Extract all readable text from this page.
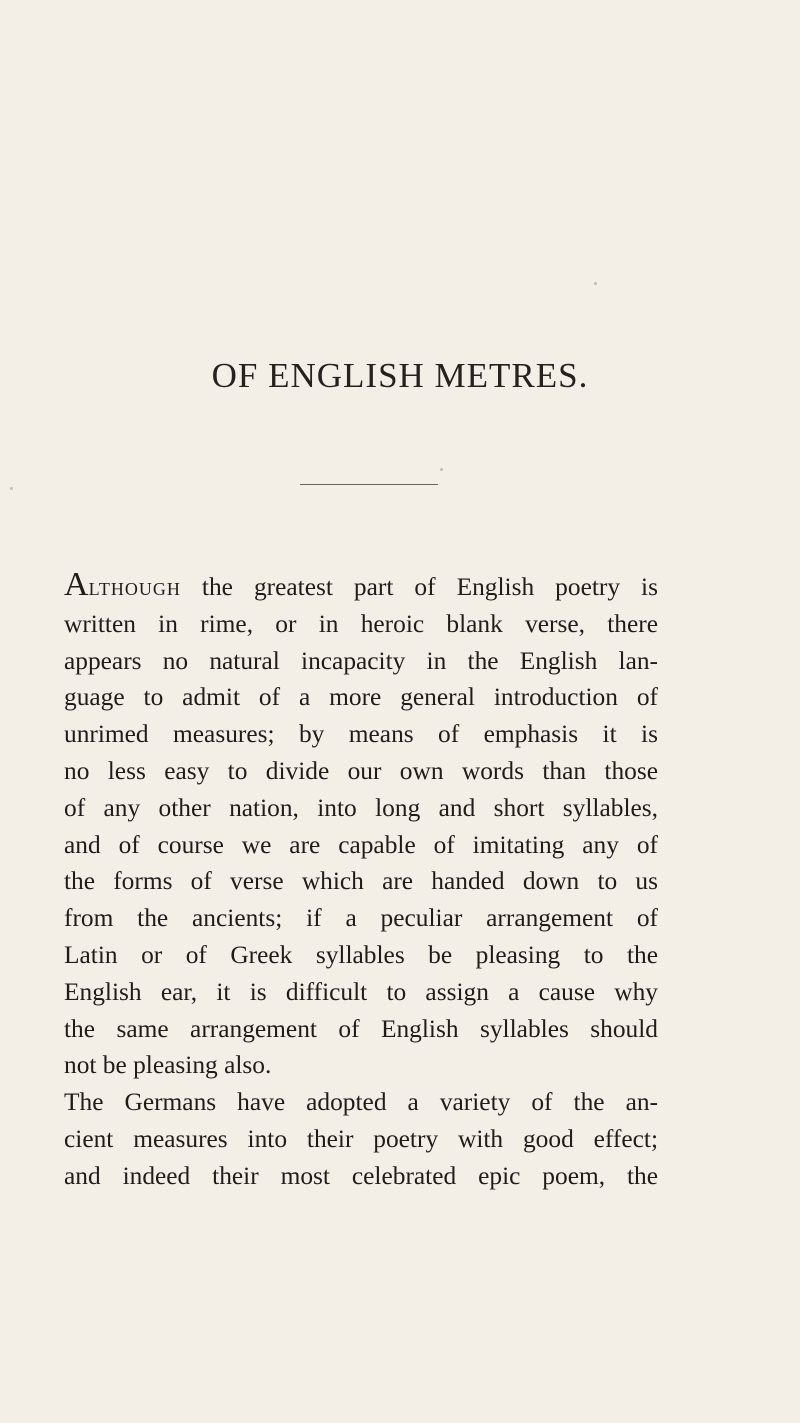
OF ENGLISH METRES.
Although the greatest part of English poetry is
written in rime, or in heroic blank verse, there
appears no natural incapacity in the English lan-
guage to admit of a more general introduction of
unrimed measures; by means of emphasis it is
no less easy to divide our own words than those
of any other nation, into long and short syllables,
and of course we are capable of imitating any of
the forms of verse which are handed down to us
from the ancients; if a peculiar arrangement of
Latin or of Greek syllables be pleasing to the
English ear, it is difficult to assign a cause why
the same arrangement of English syllables should
not be pleasing also.
The Germans have adopted a variety of the an-
cient measures into their poetry with good effect;
and indeed their most celebrated epic poem, the
